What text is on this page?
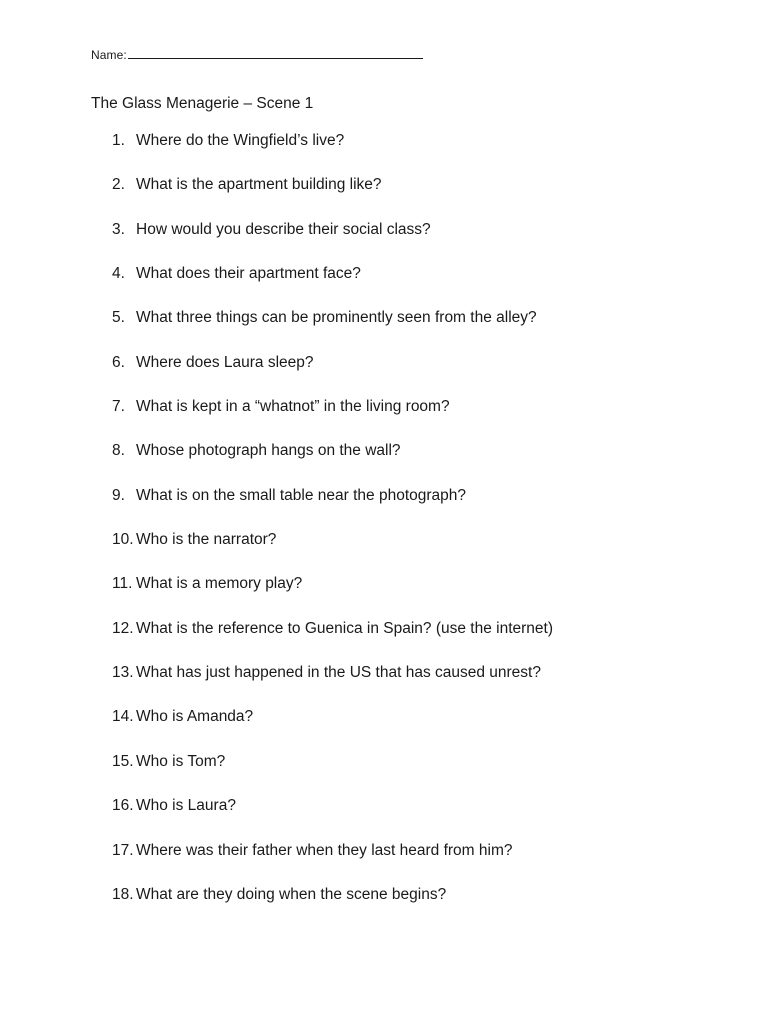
Name:
The Glass Menagerie – Scene 1
1. Where do the Wingfield’s live?
2. What is the apartment building like?
3. How would you describe their social class?
4. What does their apartment face?
5. What three things can be prominently seen from the alley?
6. Where does Laura sleep?
7. What is kept in a “whatnot” in the living room?
8. Whose photograph hangs on the wall?
9. What is on the small table near the photograph?
10. Who is the narrator?
11. What is a memory play?
12. What is the reference to Guenica in Spain? (use the internet)
13. What has just happened in the US that has caused unrest?
14. Who is Amanda?
15. Who is Tom?
16. Who is Laura?
17. Where was their father when they last heard from him?
18. What are they doing when the scene begins?
